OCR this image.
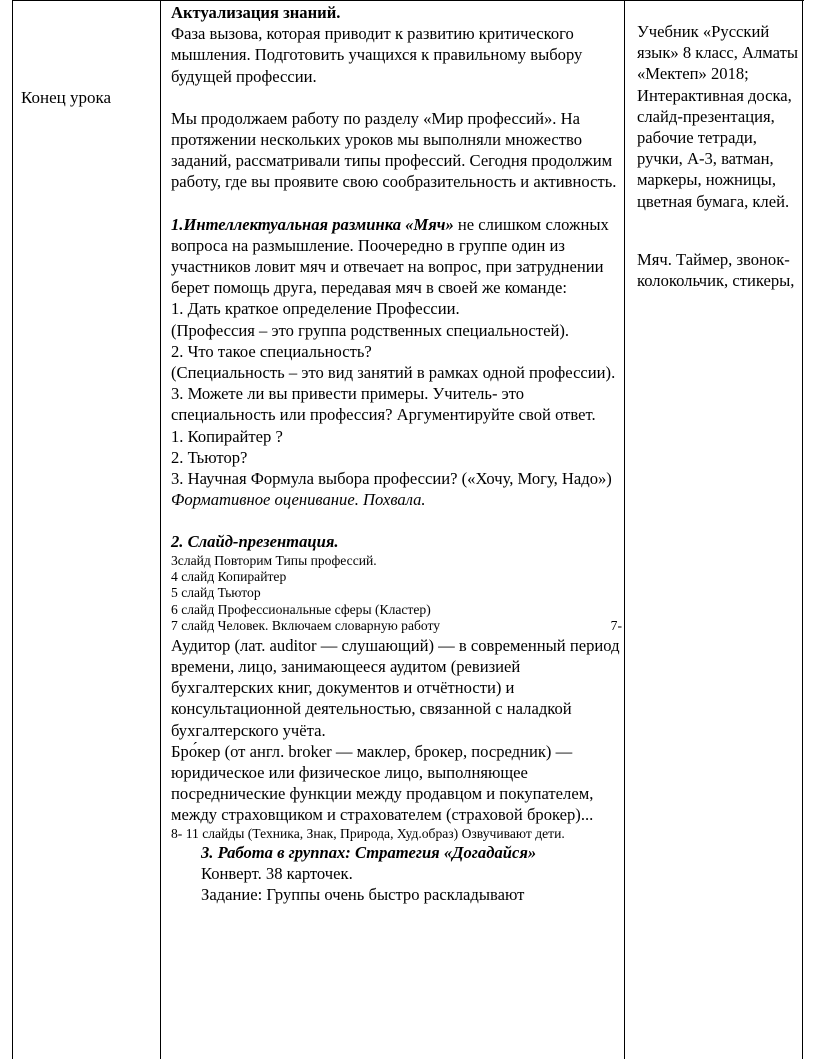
Конец урока

Актуализация знаний.

Фаза вызова, которая приводит к развитию критического мышления. Подготовить учащихся к правильному выбору будущей профессии.

Мы продолжаем работу по разделу «Мир профессий». На протяжении нескольких уроков мы выполняли множество заданий, рассматривали типы профессий. Сегодня продолжим работу, где вы проявите свою сообразительность и активность.

1.Интеллектуальная разминка «Мяч» не слишком сложных вопроса на размышление. Поочередно в группе один из участников ловит мяч и отвечает на вопрос, при затруднении берет помощь друга, передавая мяч в своей же команде:

1. Дать краткое определение Профессии.

(Профессия – это группа родственных специальностей).

2. Что такое специальность?

(Специальность – это вид занятий в рамках одной профессии).

3. Можете ли вы привести примеры. Учитель- это специальность или профессия? Аргументируйте свой ответ.

1. Копирайтер ?

2. Тьютор?

3. Научная Формула выбора профессии? («Хочу, Могу, Надо»)

Формативное оценивание. Похвала.

2. Слайд-презентация.

3слайд Повторим Типы профессий.

4 слайд Копирайтер

5 слайд Тьютор

6 слайд Профессиональные сферы (Кластер)

7 слайд Человек. Включаем словарную работу	7-

Аудитор (лат. auditor — слушающий) — в современный период времени, лицо, занимающееся аудитом (ревизией бухгалтерских книг, документов и отчётности) и консультационной деятельностью, связанной с наладкой бухгалтерского учёта.

Бро́кер (от англ. broker — маклер, брокер, посредник) — юридическое или физическое лицо, выполняющее посреднические функции между продавцом и покупателем, между страховщиком и страхователем (страховой брокер)...

8- 11 слайды (Техника, Знак, Природа, Худ.образ) Озвучивают дети.

3. Работа в группах: Стратегия «Догадайся»

Конверт. 38 карточек.

Задание: Группы очень быстро раскладывают

Учебник «Русский язык» 8 класс, Алматы «Мектеп» 2018; Интерактивная доска, слайд-презентация, рабочие тетради, ручки, А-3, ватман, маркеры, ножницы, цветная бумага, клей.

Мяч. Таймер, звонок-колокольчик, стикеры,
